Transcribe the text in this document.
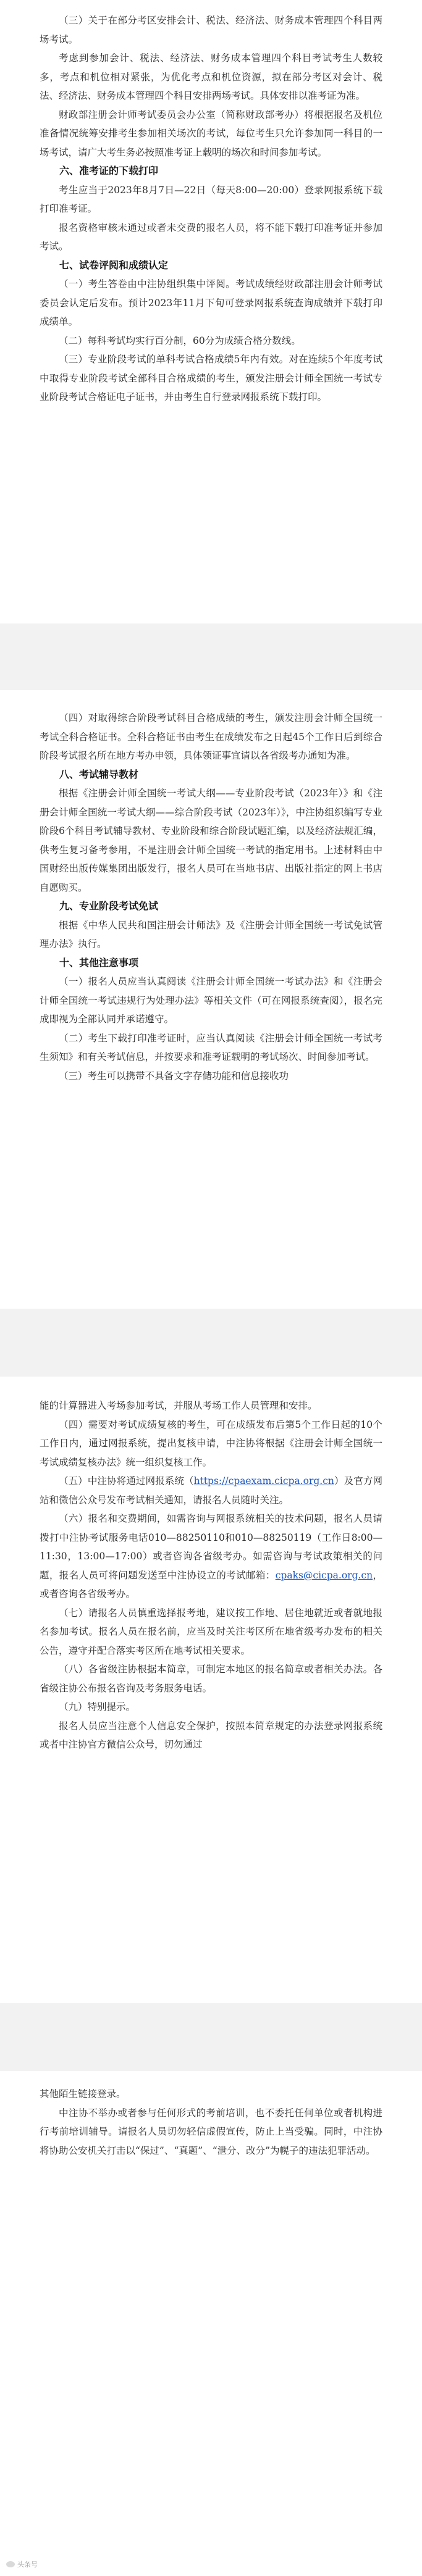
（三）关于在部分考区安排会计、税法、经济法、财务成本管理四个科目两场考试。

考虑到参加会计、税法、经济法、财务成本管理四个科目考试考生人数较多，考点和机位相对紧张，为优化考点和机位资源，拟在部分考区对会计、税法、经济法、财务成本管理四个科目安排两场考试。具体安排以准考证为准。

财政部注册会计师考试委员会办公室（简称财政部考办）将根据报名及机位准备情况统筹安排考生参加相关场次的考试，每位考生只允许参加同一科目的一场考试，请广大考生务必按照准考证上载明的场次和时间参加考试。

六、准考证的下载打印

考生应当于2023年8月7日—22日（每天8:00—20:00）登录网报系统下载打印准考证。

报名资格审核未通过或者未交费的报名人员，将不能下载打印准考证并参加考试。

七、试卷评阅和成绩认定

（一）考生答卷由中注协组织集中评阅。考试成绩经财政部注册会计师考试委员会认定后发布。预计2023年11月下旬可登录网报系统查询成绩并下载打印成绩单。

（二）每科考试均实行百分制，60分为成绩合格分数线。

（三）专业阶段考试的单科考试合格成绩5年内有效。对在连续5个年度考试中取得专业阶段考试全部科目合格成绩的考生，颁发注册会计师全国统一考试专业阶段考试合格证电子证书，并由考生自行登录网报系统下载打印。

（四）对取得综合阶段考试科目合格成绩的考生，颁发注册会计师全国统一考试全科合格证书。全科合格证书由考生在成绩发布之日起45个工作日后到综合阶段考试报名所在地方考办申领，具体领证事宜请以各省级考办通知为准。

八、考试辅导教材

根据《注册会计师全国统一考试大纲——专业阶段考试（2023年）》和《注册会计师全国统一考试大纲——综合阶段考试（2023年）》，中注协组织编写专业阶段6个科目考试辅导教材、专业阶段和综合阶段试题汇编，以及经济法规汇编，供考生复习备考参用，不是注册会计师全国统一考试的指定用书。上述材料由中国财经出版传媒集团出版发行，报名人员可在当地书店、出版社指定的网上书店自愿购买。

九、专业阶段考试免试

根据《中华人民共和国注册会计师法》及《注册会计师全国统一考试免试管理办法》执行。

十、其他注意事项

（一）报名人员应当认真阅读《注册会计师全国统一考试办法》和《注册会计师全国统一考试违规行为处理办法》等相关文件（可在网报系统查阅），报名完成即视为全部认同并承诺遵守。

（二）考生下载打印准考证时，应当认真阅读《注册会计师全国统一考试考生须知》和有关考试信息，并按要求和准考证载明的考试场次、时间参加考试。

（三）考生可以携带不具备文字存储功能和信息接收功

能的计算器进入考场参加考试，并服从考场工作人员管理和安排。

（四）需要对考试成绩复核的考生，可在成绩发布后第5个工作日起的10个工作日内，通过网报系统，提出复核申请，中注协将根据《注册会计师全国统一考试成绩复核办法》统一组织复核工作。

（五）中注协将通过网报系统（https://cpaexam.cicpa.org.cn）及官方网站和微信公众号发布考试相关通知，请报名人员随时关注。

（六）报名和交费期间，如需咨询与网报系统相关的技术问题，报名人员请拨打中注协考试服务电话010—88250110和010—88250119（工作日8:00—11:30，13:00—17:00）或者咨询各省级考办。如需咨询与考试政策相关的问题，报名人员可将问题发送至中注协设立的考试邮箱：cpaks@cicpa.org.cn，或者咨询各省级考办。

（七）请报名人员慎重选择报考地，建议按工作地、居住地就近或者就地报名参加考试。报名人员在报名前，应当及时关注考区所在地省级考办发布的相关公告，遵守并配合落实考区所在地考试相关要求。

（八）各省级注协根据本简章，可制定本地区的报名简章或者相关办法。各省级注协公布报名咨询及考务服务电话。

（九）特别提示。

报名人员应当注意个人信息安全保护，按照本简章规定的办法登录网报系统或者中注协官方微信公众号，切勿通过

其他陌生链接登录。

中注协不举办或者参与任何形式的考前培训，也不委托任何单位或者机构进行考前培训辅导。请报名人员切勿轻信虚假宣传，防止上当受骗。同时，中注协将协助公安机关打击以“保过”、“真题”、“泄分、改分”为幌子的违法犯罪活动。

头条号
